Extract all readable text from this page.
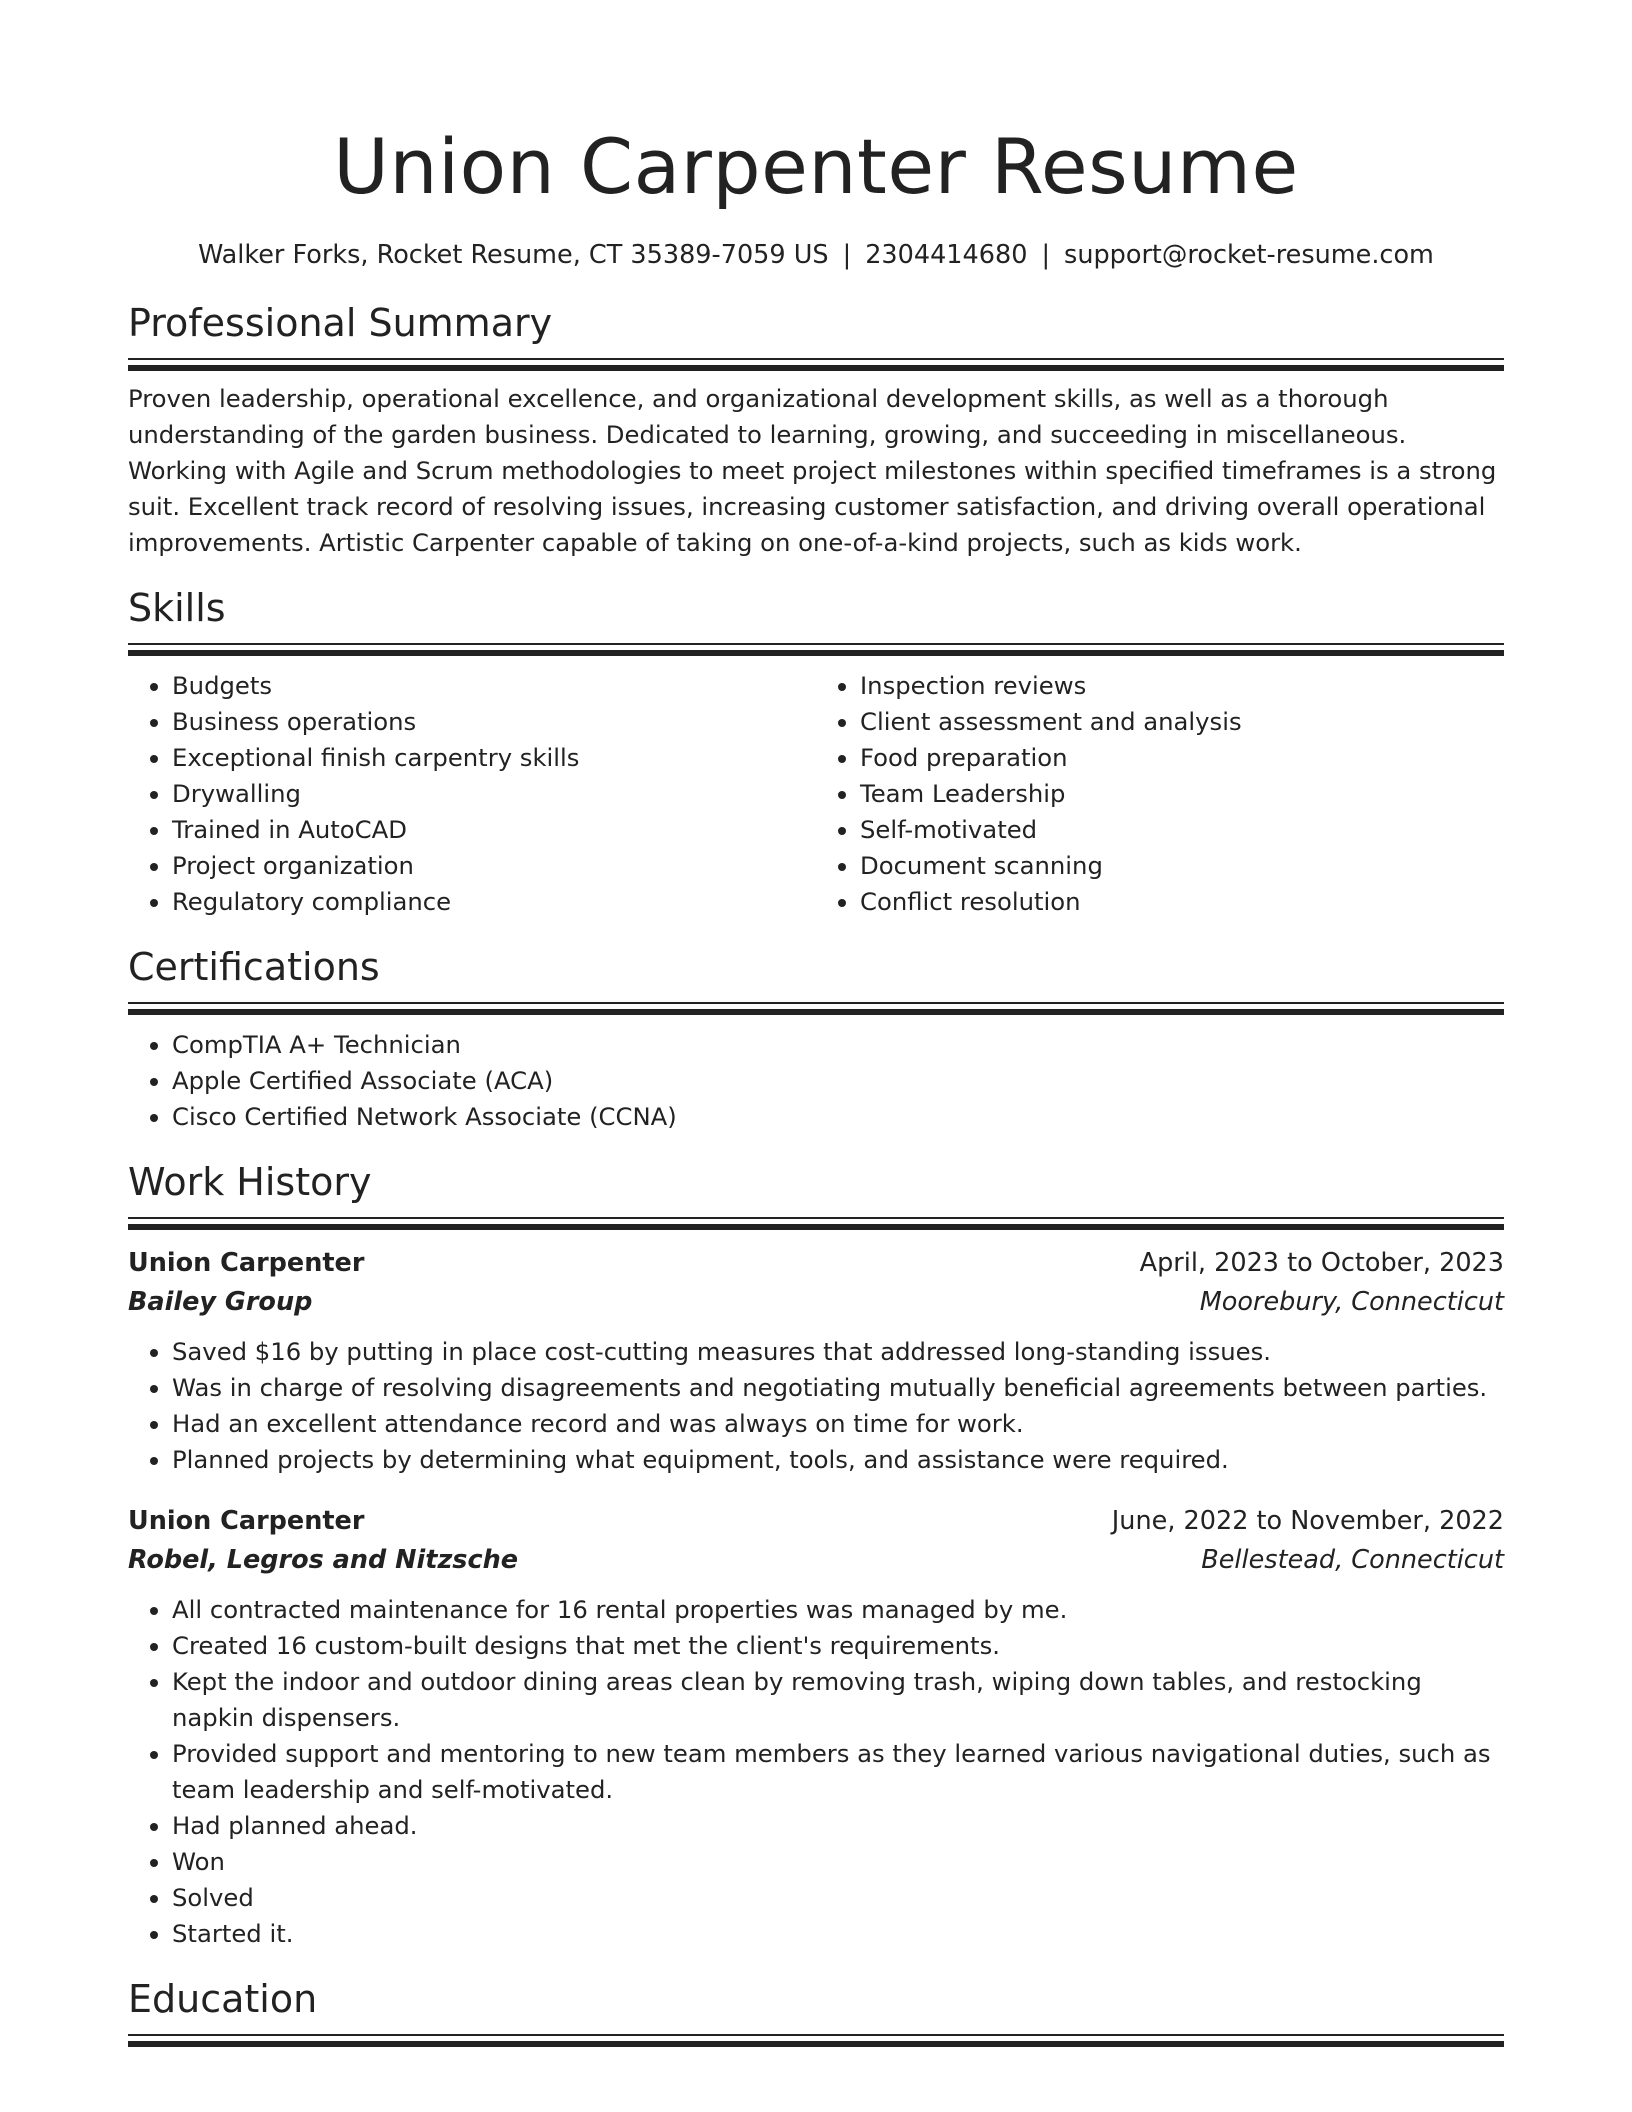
Union Carpenter Resume
Walker Forks, Rocket Resume, CT 35389-7059 US | 2304414680 | support@rocket-resume.com
Professional Summary

Proven leadership, operational excellence, and organizational development skills, as well as a thorough understanding of the garden business. Dedicated to learning, growing, and succeeding in miscellaneous. Working with Agile and Scrum methodologies to meet project milestones within specified timeframes is a strong suit. Excellent track record of resolving issues, increasing customer satisfaction, and driving overall operational improvements. Artistic Carpenter capable of taking on one-of-a-kind projects, such as kids work.

Skills
• Budgets
• Business operations
• Exceptional finish carpentry skills
• Drywalling
• Trained in AutoCAD
• Project organization
• Regulatory compliance
• Inspection reviews
• Client assessment and analysis
• Food preparation
• Team Leadership
• Self-motivated
• Document scanning
• Conflict resolution
Certifications
• CompTIA A+ Technician
• Apple Certified Associate (ACA)
• Cisco Certified Network Associate (CCNA)
Work History
Union Carpenter	April, 2023 to October, 2023
Bailey Group	Moorebury, Connecticut
• Saved $16 by putting in place cost-cutting measures that addressed long-standing issues.
• Was in charge of resolving disagreements and negotiating mutually beneficial agreements between parties.
• Had an excellent attendance record and was always on time for work.
• Planned projects by determining what equipment, tools, and assistance were required.
Union Carpenter	June, 2022 to November, 2022
Robel, Legros and Nitzsche	Bellestead, Connecticut
• All contracted maintenance for 16 rental properties was managed by me.
• Created 16 custom-built designs that met the client's requirements.
• Kept the indoor and outdoor dining areas clean by removing trash, wiping down tables, and restocking napkin dispensers.
• Provided support and mentoring to new team members as they learned various navigational duties, such as team leadership and self-motivated.
• Had planned ahead.
• Won
• Solved
• Started it.
Education
